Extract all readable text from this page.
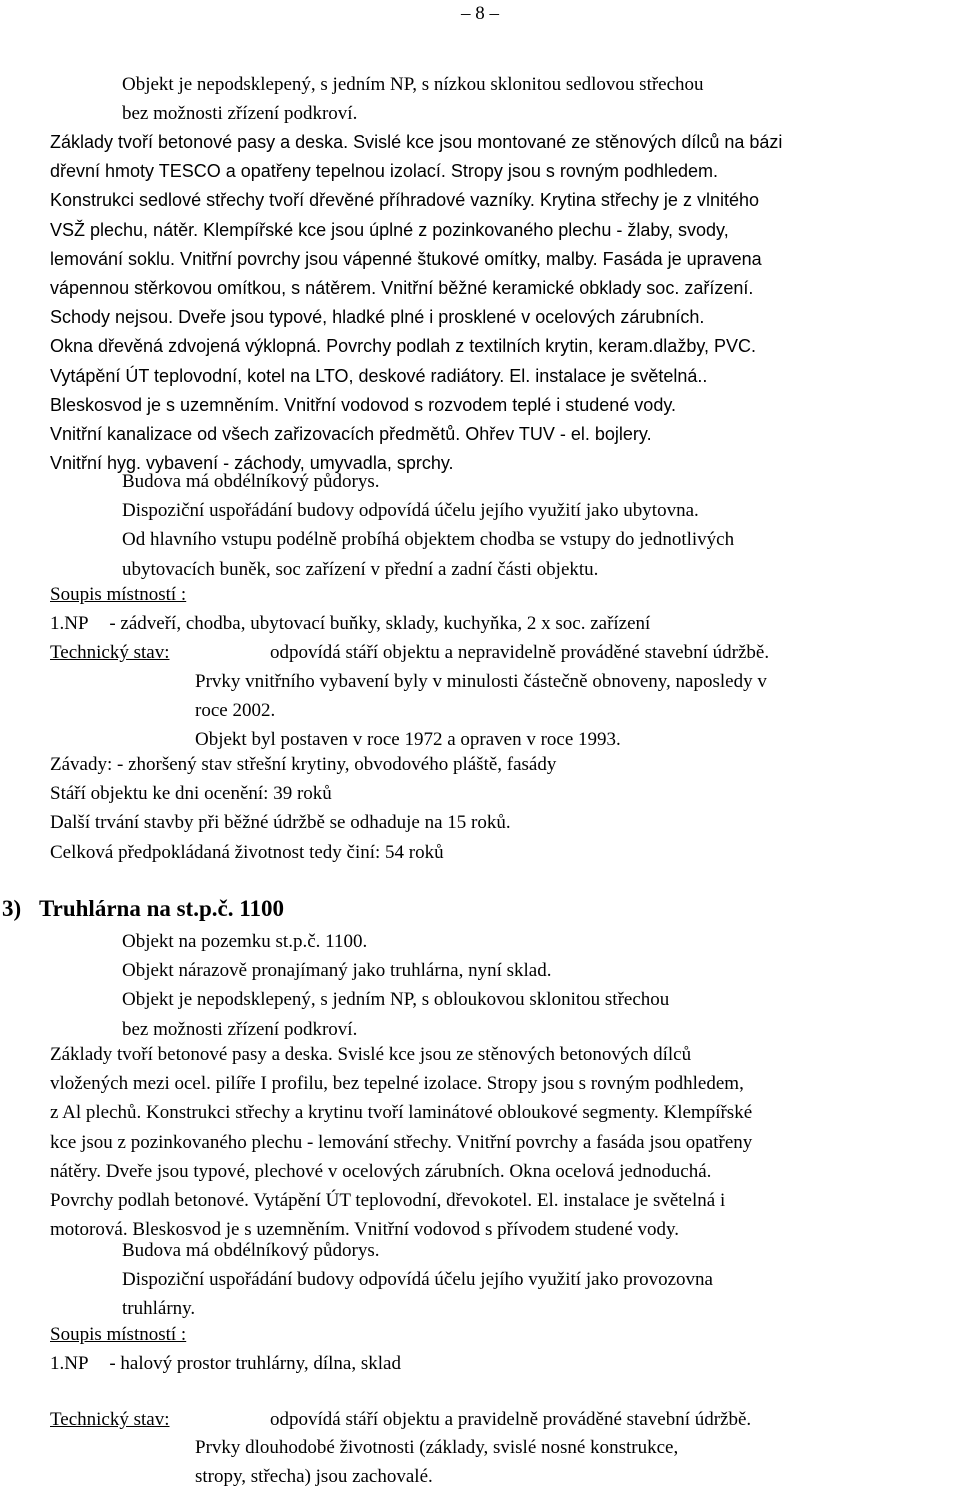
– 8 –
Objekt je nepodsklepený, s jedním NP, s nízkou sklonitou sedlovou střechou
bez možnosti zřízení podkroví.
Základy tvoří betonové pasy a deska. Svislé kce jsou montované ze stěnových dílců na bázi
dřevní hmoty TESCO a opatřeny tepelnou izolací. Stropy jsou s rovným podhledem.
Konstrukci sedlové střechy tvoří dřevěné příhradové vazníky. Krytina střechy je z vlnitého
VSŽ plechu, nátěr. Klempířské kce jsou úplné z pozinkovaného plechu - žlaby, svody,
lemování soklu. Vnitřní povrchy jsou vápenné štukové omítky, malby. Fasáda je upravena
vápennou stěrkovou omítkou, s nátěrem. Vnitřní běžné keramické obklady soc. zařízení.
Schody nejsou. Dveře jsou typové, hladké plné i prosklené v ocelových zárubních.
Okna dřevěná zdvojená výklopná. Povrchy podlah z textilních krytin, keram.dlažby, PVC.
Vytápění ÚT teplovodní, kotel na LTO, deskové radiátory. El. instalace je světelná..
Bleskosvod je s uzemněním. Vnitřní vodovod s rozvodem teplé i studené vody.
Vnitřní kanalizace od všech zařizovacích předmětů. Ohřev TUV - el. bojlery.
Vnitřní hyg. vybavení - záchody, umyvadla, sprchy.
Budova má obdélníkový půdorys.
Dispoziční uspořádání budovy odpovídá účelu jejího využití jako ubytovna.
Od hlavního vstupu podélně probíhá objektem chodba se vstupy do jednotlivých
ubytovacích buněk, soc zařízení v přední a zadní části objektu.
Soupis místností :
1.NP - zádveří, chodba, ubytovací buňky, sklady, kuchyňka, 2 x soc. zařízení
Technický stav:	odpovídá stáří objektu a nepravidelně prováděné stavební údržbě.
Prvky vnitřního vybavení byly v minulosti částečně obnoveny, naposledy v
roce 2002.
Objekt byl postaven v roce 1972 a opraven v roce 1993.
Závady: - zhoršený stav střešní krytiny, obvodového pláště, fasády
Stáří objektu ke dni ocenění: 39 roků
Další trvání stavby při běžné údržbě se odhaduje na 15 roků.
Celková předpokládaná životnost tedy činí: 54 roků
3) Truhlárna na st.p.č. 1100
Objekt na pozemku st.p.č. 1100.
Objekt nárazově pronajímaný jako truhlárna, nyní sklad.
Objekt je nepodsklepený, s jedním NP, s obloukovou sklonitou střechou
bez možnosti zřízení podkroví.
Základy tvoří betonové pasy a deska. Svislé kce jsou ze stěnových betonových dílců
vložených mezi ocel. pilíře I profilu, bez tepelné izolace. Stropy jsou s rovným podhledem,
z Al plechů. Konstrukci střechy a krytinu tvoří laminátové obloukové segmenty. Klempířské
kce jsou z pozinkovaného plechu - lemování střechy. Vnitřní povrchy a fasáda jsou opatřeny
nátěry. Dveře jsou typové, plechové v ocelových zárubních. Okna ocelová jednoduchá.
Povrchy podlah betonové. Vytápění ÚT teplovodní, dřevokotel. El. instalace je světelná i
motorová. Bleskosvod je s uzemněním. Vnitřní vodovod s přívodem studené vody.
Budova má obdélníkový půdorys.
Dispoziční uspořádání budovy odpovídá účelu jejího využití jako provozovna
truhlárny.
Soupis místností :
1.NP - halový prostor truhlárny, dílna, sklad
Technický stav:	odpovídá stáří objektu a pravidelně prováděné stavební údržbě.
Prvky dlouhodobé životnosti (základy, svislé nosné konstrukce,
stropy, střecha) jsou zachovalé.
